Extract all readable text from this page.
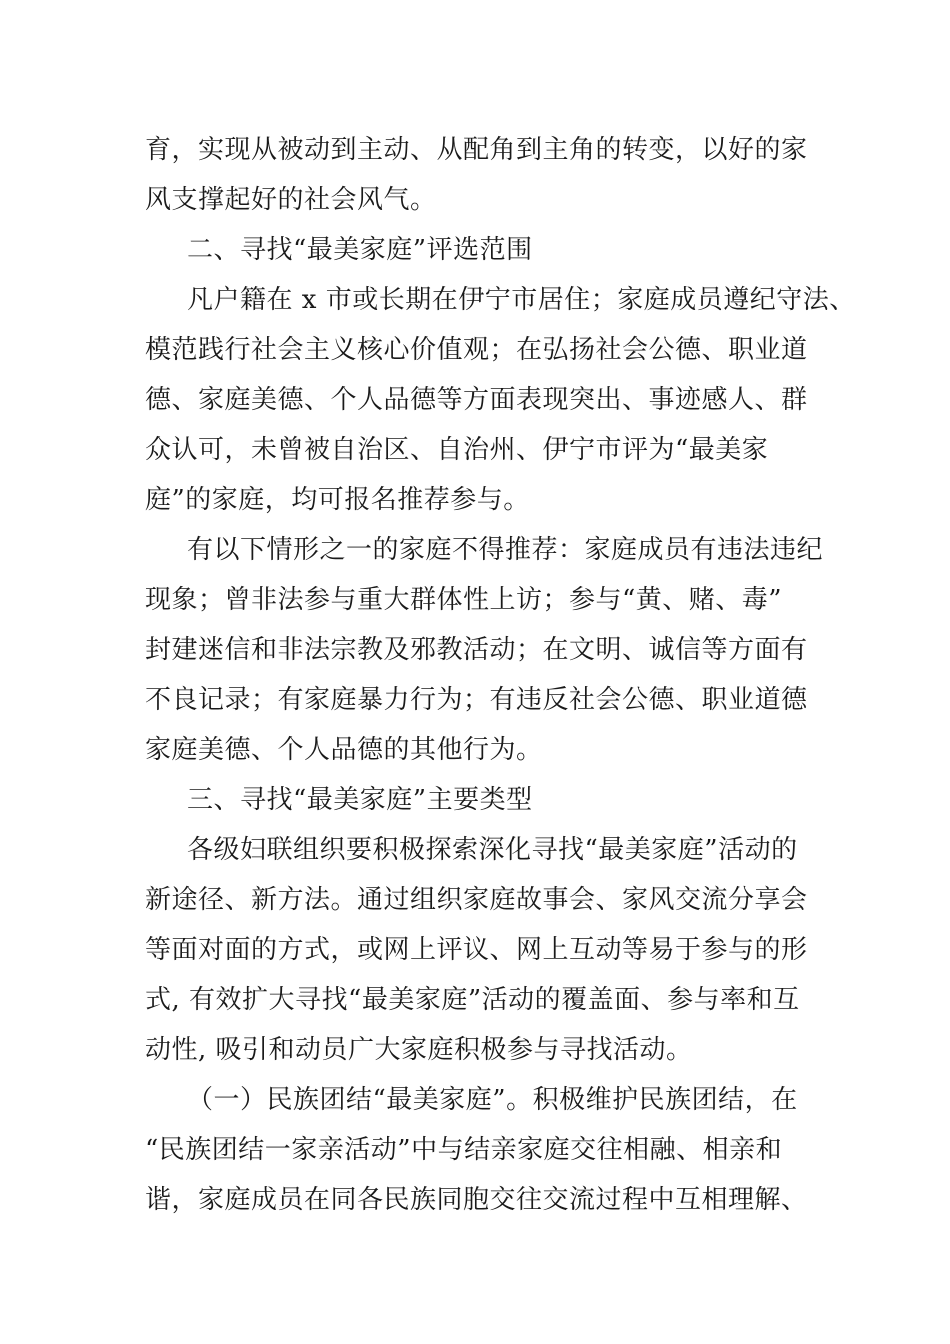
育，实现从被动到主动、从配角到主角的转变，以好的家
风支撑起好的社会风气。
二、寻找“最美家庭”评选范围
凡户籍在 x 市或长期在伊宁市居住；家庭成员遵纪守法、
模范践行社会主义核心价值观；在弘扬社会公德、职业道
德、家庭美德、个人品德等方面表现突出、事迹感人、群
众认可，未曾被自治区、自治州、伊宁市评为“最美家
庭”的家庭，均可报名推荐参与。
有以下情形之一的家庭不得推荐：家庭成员有违法违纪
现象；曾非法参与重大群体性上访；参与“黄、赌、毒”
封建迷信和非法宗教及邪教活动；在文明、诚信等方面有
不良记录；有家庭暴力行为；有违反社会公德、职业道德
家庭美德、个人品德的其他行为。
三、寻找“最美家庭”主要类型
各级妇联组织要积极探索深化寻找“最美家庭”活动的
新途径、新方法。通过组织家庭故事会、家风交流分享会
等面对面的方式，或网上评议、网上互动等易于参与的形
式, 有效扩大寻找“最美家庭”活动的覆盖面、参与率和互
动性, 吸引和动员广大家庭积极参与寻找活动。
（一）民族团结“最美家庭”。积极维护民族团结，在
“民族团结一家亲活动”中与结亲家庭交往相融、相亲和
谐，家庭成员在同各民族同胞交往交流过程中互相理解、
